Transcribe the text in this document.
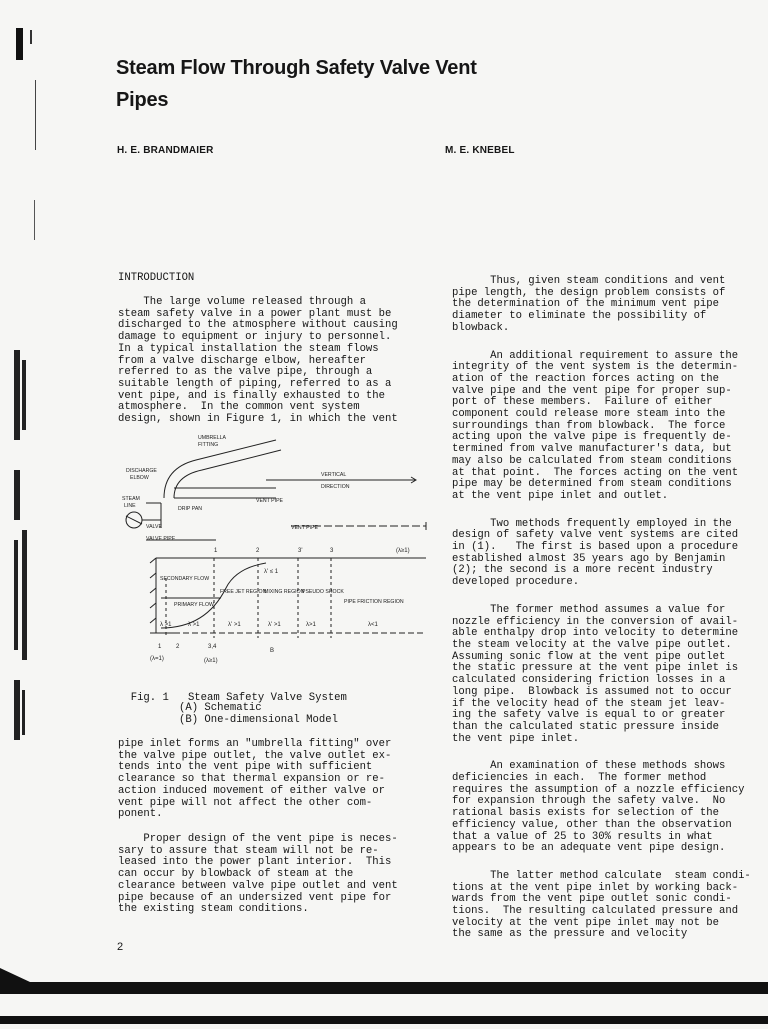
Steam Flow Through Safety Valve Vent
Pipes
H. E. BRANDMAIER	M. E. KNEBEL
INTRODUCTION

The large volume released through a

steam safety valve in a power plant must be

discharged to the atmosphere without causing

damage to equipment or injury to personnel.

In a typical installation the steam flows

from a valve discharge elbow, hereafter

referred to as the valve pipe, through a

suitable length of piping, referred to as a

vent pipe, and is finally exhausted to the

atmosphere.  In the common vent system

design, shown in Figure 1, in which the vent

UMBRELLA
FITTING
DISCHARGE
ELBOW	VERTICAL
DIRECTION
STEAM
LINE	DRIP PAN
VENT PIPE
VALVE
VALVE PIPE
VENT PIPE
SECONDARY FLOW
PRIMARY FLOW
FREE JET REGION
MIXING REGION
PSEUDO SHOCK
PIPE FRICTION REGION
1	2	3'	3	(λ≥1)
λ' ≤ 1
λ >1	λ >1	λ' >1	λ' >1	λ>1	λ<1
1 2	3,4
B
(λ=1)	(λ≥1)

Fig. 1 Steam Safety Valve System

(A) Schematic
(B) One-dimensional Model

pipe inlet forms an "umbrella fitting" over

the valve pipe outlet, the valve outlet ex-

tends into the vent pipe with sufficient

clearance so that thermal expansion or re-

action induced movement of either valve or

vent pipe will not affect the other com-

ponent.

Proper design of the vent pipe is neces-

sary to assure that steam will not be re-

leased into the power plant interior.  This

can occur by blowback of steam at the

clearance between valve pipe outlet and vent

pipe because of an undersized vent pipe for

the existing steam conditions.

Thus, given steam conditions and vent

pipe length, the design problem consists of

the determination of the minimum vent pipe

diameter to eliminate the possibility of

blowback.

An additional requirement to assure the

integrity of the vent system is the determin-

ation of the reaction forces acting on the

valve pipe and the vent pipe for proper sup-

port of these members.  Failure of either

component could release more steam into the

surroundings than from blowback.  The force

acting upon the valve pipe is frequently de-

termined from valve manufacturer's data, but

may also be calculated from steam conditions

at that point.  The forces acting on the vent

pipe may be determined from steam conditions

at the vent pipe inlet and outlet.

Two methods frequently employed in the

design of safety valve vent systems are cited

in (1).   The first is based upon a procedure

established almost 35 years ago by Benjamin

(2); the second is a more recent industry

developed procedure.

The former method assumes a value for

nozzle efficiency in the conversion of avail-

able enthalpy drop into velocity to determine

the steam velocity at the valve pipe outlet.

Assuming sonic flow at the vent pipe outlet

the static pressure at the vent pipe inlet is

calculated considering friction losses in a

long pipe.  Blowback is assumed not to occur

if the velocity head of the steam jet leav-

ing the safety valve is equal to or greater

than the calculated static pressure inside

the vent pipe inlet.

An examination of these methods shows

deficiencies in each.  The former method

requires the assumption of a nozzle efficiency

for expansion through the safety valve.  No

rational basis exists for selection of the

efficiency value, other than the observation

that a value of 25 to 30% results in what

appears to be an adequate vent pipe design.

The latter method calculate  steam condi-

tions at the vent pipe inlet by working back-

wards from the vent pipe outlet sonic condi-

tions.  The resulting calculated pressure and

velocity at the vent pipe inlet may not be

the same as the pressure and velocity

2
